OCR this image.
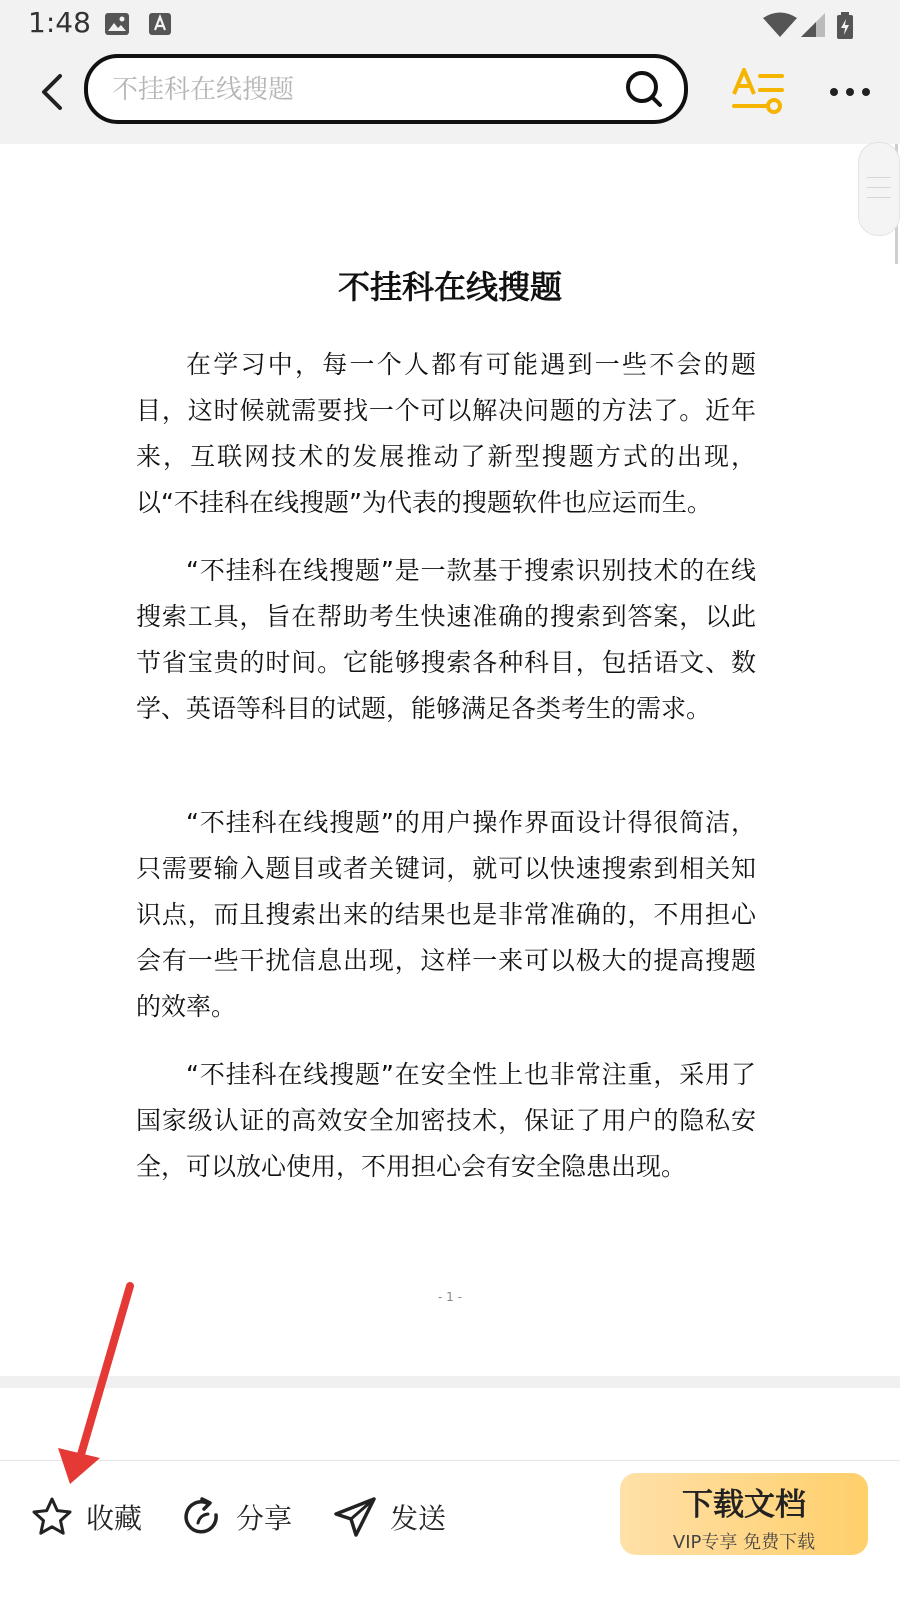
1:48
不挂科在线搜题
不挂科在线搜题

在学习中，每一个人都有可能遇到一些不会的题目，这时候就需要找一个可以解决问题的方法了。近年来，互联网技术的发展推动了新型搜题方式的出现，以“不挂科在线搜题”为代表的搜题软件也应运而生。

“不挂科在线搜题”是一款基于搜索识别技术的在线搜索工具，旨在帮助考生快速准确的搜索到答案，以此节省宝贵的时间。它能够搜索各种科目，包括语文、数学、英语等科目的试题，能够满足各类考生的需求。

“不挂科在线搜题”的用户操作界面设计得很简洁，只需要输入题目或者关键词，就可以快速搜索到相关知识点，而且搜索出来的结果也是非常准确的，不用担心会有一些干扰信息出现，这样一来可以极大的提高搜题的效率。

“不挂科在线搜题”在安全性上也非常注重，采用了国家级认证的高效安全加密技术，保证了用户的隐私安全，可以放心使用，不用担心会有安全隐患出现。

- 1 -
收藏	分享	发送	下载文档
VIP专享 免费下载
